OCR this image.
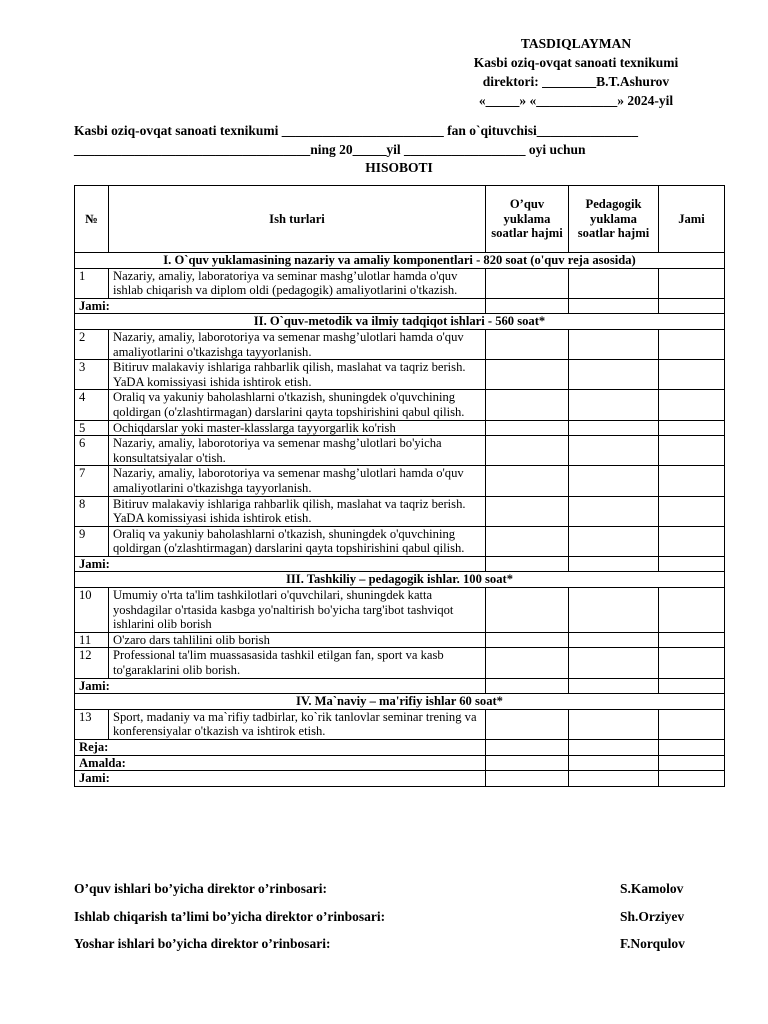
TASDIQLAYMAN
Kasbi oziq-ovqat sanoati texnikumi
direktori: ________B.T.Ashurov
«_____» «____________» 2024-yil
Kasbi oziq-ovqat sanoati texnikumi ________________________ fan o`qituvchisi_______________
___________________________________ning 20_____yil __________________ oyi uchun
HISOBOTI
№	Ish turlari	O’quv yuklama soatlar hajmi	Pedagogik yuklama soatlar hajmi	Jami
I. O`quv yuklamasining nazariy va amaliy komponentlari - 820 soat (o'quv reja asosida)				
1	Nazariy, amaliy, laboratoriya va seminar mashg’ulotlar hamda o'quv ishlab chiqarish va diplom oldi (pedagogik) amaliyotlarini o'tkazish.			
Jami:				
II. O`quv-metodik va ilmiy tadqiqot ishlari - 560 soat*				
2	Nazariy, amaliy, laborotoriya va semenar mashg’ulotlari hamda o'quv amaliyotlarini o'tkazishga tayyorlanish.			
3	Bitiruv malakaviy ishlariga rahbarlik qilish, maslahat va taqriz berish. YaDA komissiyasi ishida ishtirok etish.			
4	Oraliq va yakuniy baholashlarni o'tkazish, shuningdek o'quvchining qoldirgan (o'zlashtirmagan) darslarini qayta topshirishini qabul qilish.			
5	Ochiqdarslar yoki master-klasslarga tayyorgarlik ko'rish			
6	Nazariy, amaliy, laborotoriya va semenar mashg’ulotlari bo'yicha konsultatsiyalar o'tish.			
7	Nazariy, amaliy, laborotoriya va semenar mashg’ulotlari hamda o'quv amaliyotlarini o'tkazishga tayyorlanish.			
8	Bitiruv malakaviy ishlariga rahbarlik qilish, maslahat va taqriz berish. YaDA komissiyasi ishida ishtirok etish.			
9	Oraliq va yakuniy baholashlarni o'tkazish, shuningdek o'quvchining qoldirgan (o'zlashtirmagan) darslarini qayta topshirishini qabul qilish.			
Jami:				
III. Tashkiliy – pedagogik ishlar. 100 soat*				
10	Umumiy o'rta ta'lim tashkilotlari o'quvchilari, shuningdek katta yoshdagilar o'rtasida kasbga yo'naltirish bo'yicha targ'ibot tashviqot ishlarini olib borish			
11	O'zaro dars tahlilini olib borish			
12	Professional ta'lim muassasasida tashkil etilgan fan, sport va kasb to'garaklarini olib borish.			
Jami:				
IV. Ma`naviy – ma'rifiy ishlar 60 soat*				
13	Sport, madaniy va ma`rifiy tadbirlar, ko`rik tanlovlar seminar trening va konferensiyalar o'tkazish va ishtirok etish.			
Reja:				
Amalda:				
Jami:				
O’quv ishlari bo’yicha direktor o’rinbosari:	S.Kamolov
Ishlab chiqarish ta’limi bo’yicha direktor o’rinbosari:	Sh.Orziyev
Yoshar ishlari bo’yicha direktor o’rinbosari:	F.Norqulov
